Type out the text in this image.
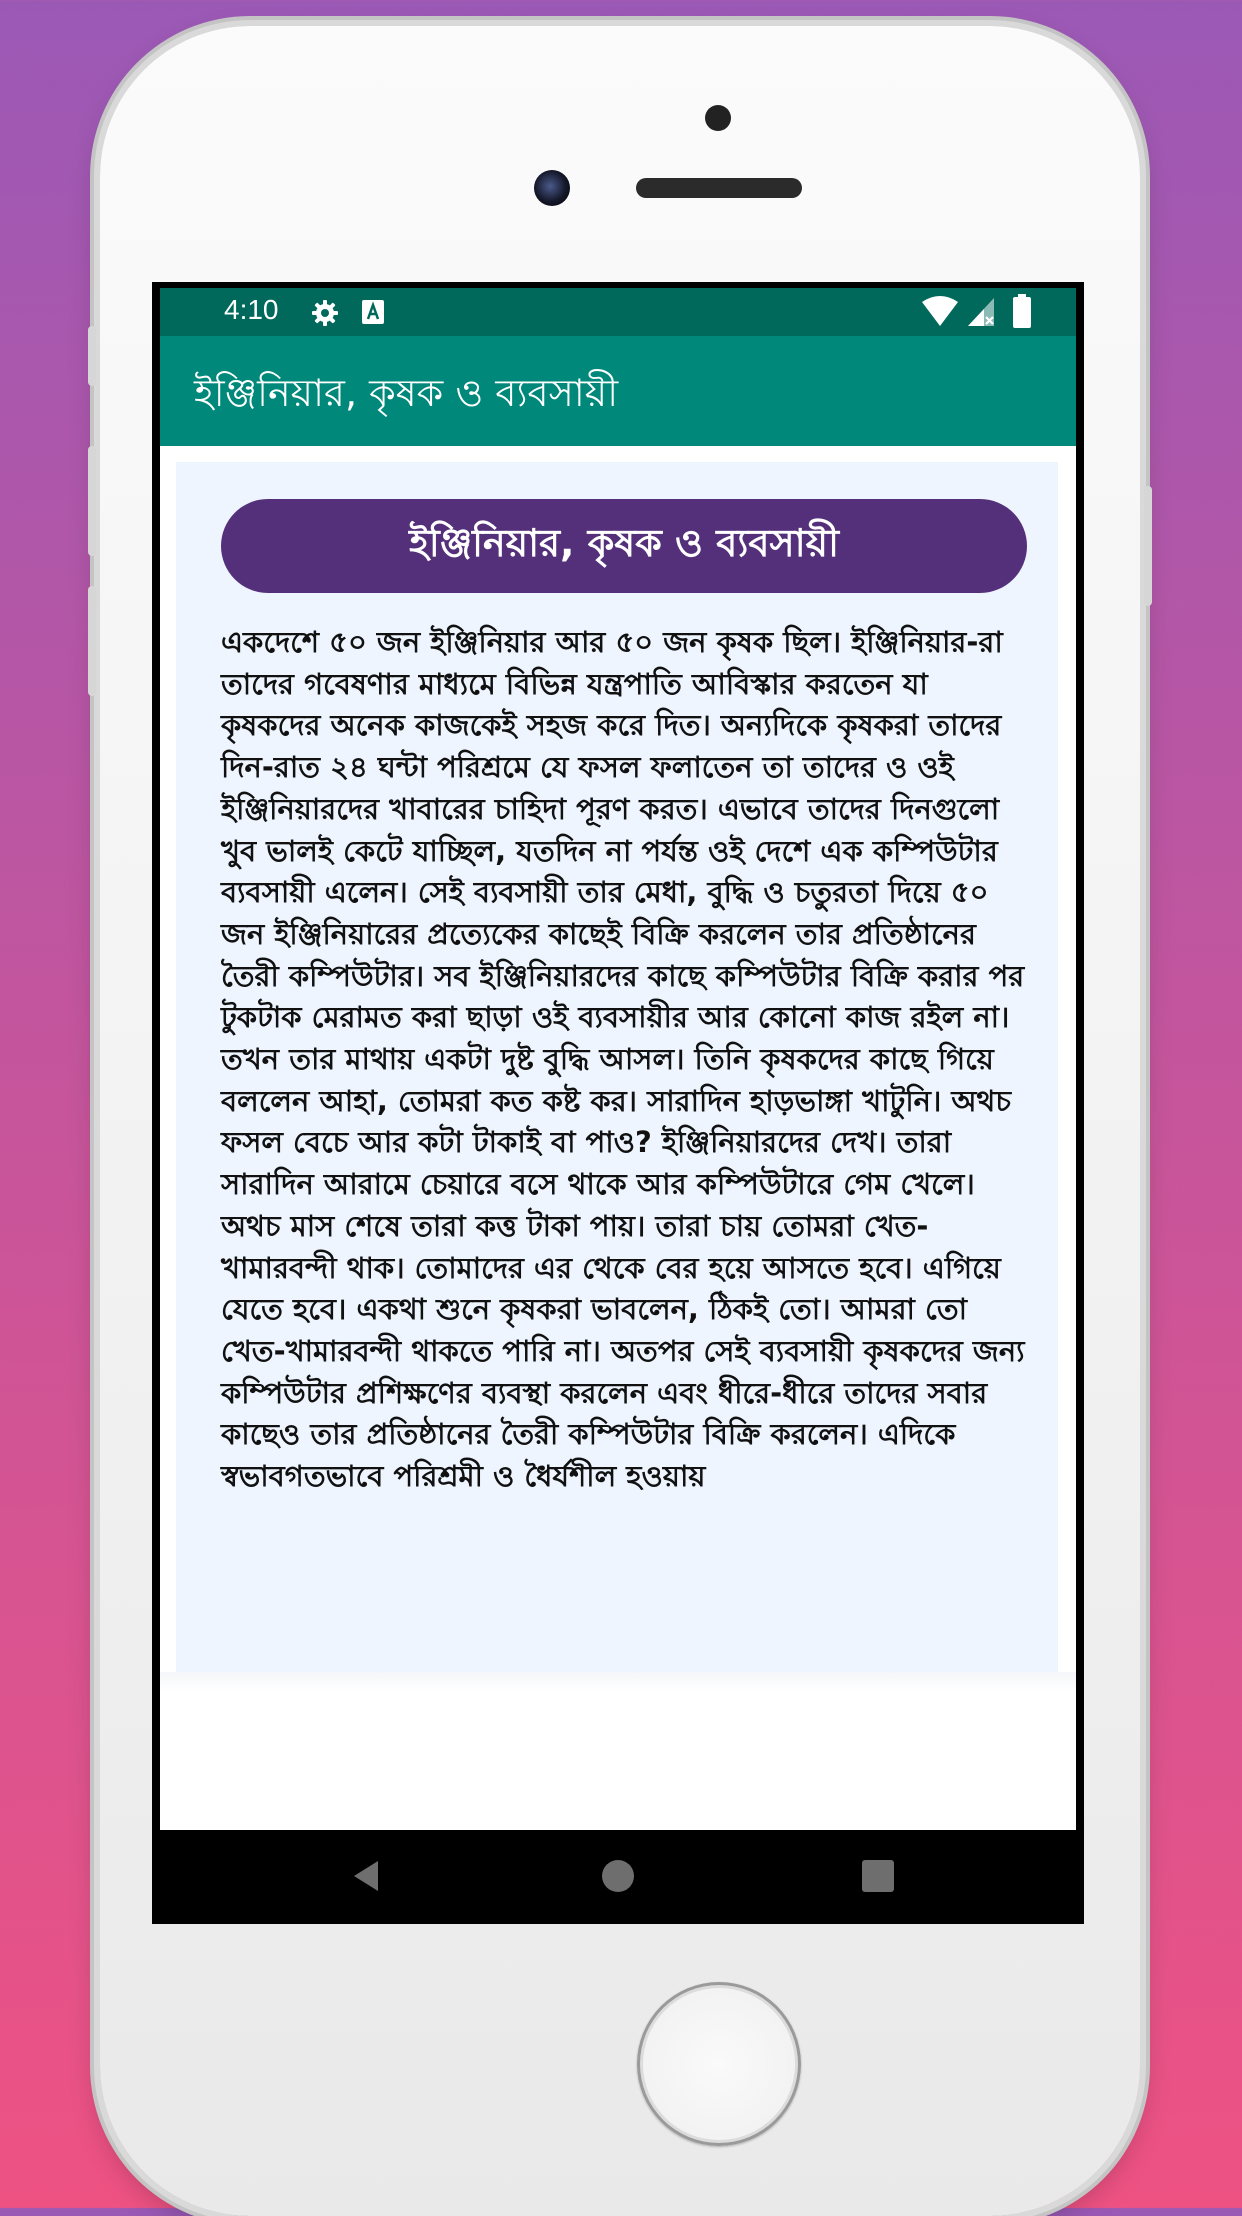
4:10
ইঞ্জিনিয়ার, কৃষক ও ব্যবসায়ী
ইঞ্জিনিয়ার, কৃষক ও ব্যবসায়ী

একদেশে ৫০ জন ইঞ্জিনিয়ার আর ৫০ জন কৃষক ছিল। ইঞ্জিনিয়ার-রা তাদের গবেষণার মাধ্যমে বিভিন্ন যন্ত্রপাতি আবিস্কার করতেন যা কৃষকদের অনেক কাজকেই সহজ করে দিত। অন্যদিকে কৃষকরা তাদের দিন-রাত ২৪ ঘন্টা পরিশ্রমে যে ফসল ফলাতেন তা তাদের ও ওই ইঞ্জিনিয়ারদের খাবারের চাহিদা পূরণ করত। এভাবে তাদের দিনগুলো খুব ভালই কেটে যাচ্ছিল, যতদিন না পর্যন্ত ওই দেশে এক কম্পিউটার ব্যবসায়ী এলেন। সেই ব্যবসায়ী তার মেধা, বুদ্ধি ও চতুরতা দিয়ে ৫০ জন ইঞ্জিনিয়ারের প্রত্যেকের কাছেই বিক্রি করলেন তার প্রতিষ্ঠানের তৈরী কম্পিউটার। সব ইঞ্জিনিয়ারদের কাছে কম্পিউটার বিক্রি করার পর টুকটাক মেরামত করা ছাড়া ওই ব্যবসায়ীর আর কোনো কাজ রইল না। তখন তার মাথায় একটা দুষ্ট বুদ্ধি আসল। তিনি কৃষকদের কাছে গিয়ে বললেন আহা, তোমরা কত কষ্ট কর। সারাদিন হাড়ভাঙ্গা খাটুনি। অথচ ফসল বেচে আর কটা টাকাই বা পাও? ইঞ্জিনিয়ারদের দেখ। তারা সারাদিন আরামে চেয়ারে বসে থাকে আর কম্পিউটারে গেম খেলে। অথচ মাস শেষে তারা কত্ত টাকা পায়। তারা চায় তোমরা খেত-খামারবন্দী থাক। তোমাদের এর থেকে বের হয়ে আসতে হবে। এগিয়ে যেতে হবে। একথা শুনে কৃষকরা ভাবলেন, ঠিকই তো। আমরা তো খেত-খামারবন্দী থাকতে পারি না। অতপর সেই ব্যবসায়ী কৃষকদের জন্য কম্পিউটার প্রশিক্ষণের ব্যবস্থা করলেন এবং ধীরে-ধীরে তাদের সবার কাছেও তার প্রতিষ্ঠানের তৈরী কম্পিউটার বিক্রি করলেন। এদিকে স্বভাবগতভাবে পরিশ্রমী ও ধৈর্যশীল হওয়ায়
